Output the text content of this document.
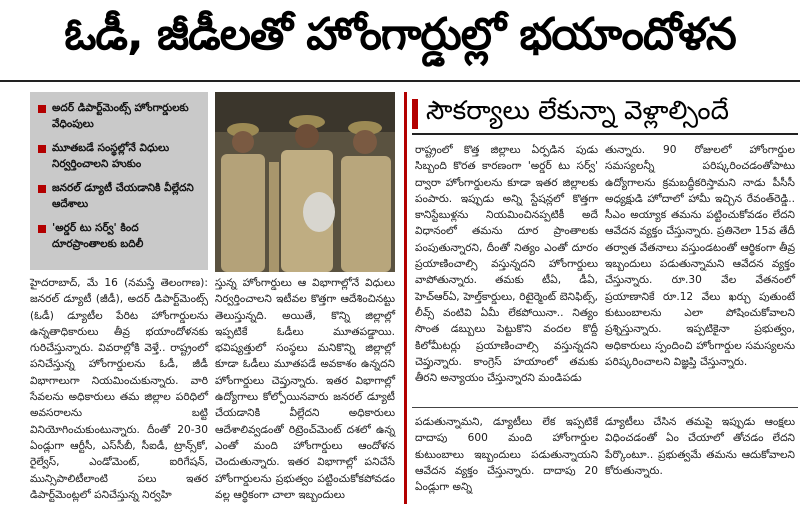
ఓడీ, జీడీలతో హోంగార్డుల్లో భయాందోళన
అదర్ డిపార్ట్‌మెంట్స్ హోంగార్డులకు వేధింపులు
మూతబడే సంస్థల్లోనే విధులు నిర్వర్తించాలని హుకుం
జనరల్ డ్యూటీ చేయడానికి వీల్లేదని ఆదేశాలు
'అర్డర్ టు సర్వ్' కింద దూరప్రాంతాలకు బదిలీ

హైదరాబాద్, మే 16 (నమస్తే తెలంగాణ): జనరల్ డ్యూటీ (జీడీ), అదర్ డిపార్ట్‌మెంట్స్ (ఓడీ) డ్యూటీల పేరిట హోంగార్డులను ఉన్నతాధికారులు తీవ్ర భయాందోళనకు గురిచేస్తున్నారు. వివరాల్లోకి వెళ్తే.. రాష్ట్రంలో పనిచేస్తున్న హోంగార్డులను ఓడీ, జీడీ విభాగాలుగా నియమించుకున్నారు. వారి సేవలను అధికారులు తమ జిల్లాల పరిధిలో అవసరాలను బట్టి వినియోగించుకుంటున్నారు. దీంతో 20-30 ఏండ్లుగా ఆర్టీసీ, ఎస్‌సీబీ, సీఐడీ, ట్రాన్స్‌కో, రైల్వేస్, ఎండోమెంట్, ఐరిగేషన్, మున్సిపాలిటీలాంటి పలు ఇతర డిపార్ట్‌మెంట్లలో పనిచేస్తున్న నిర్వహి

స్తున్న హోంగార్డులు ఆ విభాగాల్లోనే విధులు నిర్వర్తించాలని ఇటీవల కొత్తగా ఆదేశించినట్టు తెలుస్తున్నది. అయితే, కొన్ని జిల్లాల్లో ఇప్పటికే ఓడీలు మూతపడ్డాయి. భవిష్యత్తులో సంస్థలు మనికొన్ని జిల్లాల్లో కూడా ఓడీలు మూతపడే అవకాశం ఉన్నదని హోంగార్డులు చెప్తున్నారు. ఇతర విభాగాల్లో ఉద్యోగాలు కోల్పోయినవారు జనరల్ డ్యూటీ చేయడానికి వీల్లేదని అధికారులు ఆదేశాలివ్వడంతో రిట్రెంచ్‌మెంట్ దశలో ఉన్న ఎంతో మంది హోంగార్డులు ఆందోళన చెందుతున్నారు. ఇతర విభాగాల్లో పనిచేసే హోంగార్డులను ప్రభుత్వం పట్టించుకోకపోవడం వల్ల ఆర్థికంగా చాలా ఇబ్బందులు

సౌకర్యాలు లేకున్నా వెళ్లాల్సిందే

రాష్ట్రంలో కొత్త జిల్లాలు ఏర్పడిన పుడు సిబ్బంది కొరత కారణంగా 'అర్డర్ టు సర్వ్' ద్వారా హోంగార్డులను కూడా ఇతర జిల్లాలకు పంపారు. ఇప్పుడు అన్ని స్టేషన్లలో కొత్తగా కానిస్టేబుళ్లను నియమించినప్పటికీ అదే విధానంలో తమను దూర ప్రాంతాలకు పంపుతున్నారని, దీంతో నిత్యం ఎంతో దూరం ప్రయాణించాల్సి వస్తున్నదని హోంగార్డులు వాపోతున్నారు. తమకు టీఏ, డీఏ, హెచ్‌ఆర్‌ఏ, హెల్త్‌కార్డులు, రిటైర్మెంట్ బెనిఫిట్స్, లీవ్స్ వంటివి ఏమీ లేకపోయినా.. నిత్యం సొంత డబ్బులు పెట్టుకొని వందల కొద్దీ కిలోమీటర్లు ప్రయాణించాల్సి వస్తున్నదని చెప్తున్నారు. కాంగ్రెస్ హయాంలో తమకు తీరని అన్యాయం చేస్తున్నారని మండిపడు

తున్నారు. 90 రోజులలో హోంగార్డుల సమస్యలన్నీ పరిష్కరించడంతోపాటు ఉద్యోగాలను క్రమబద్ధీకరిస్తామని నాడు పీసీసీ అధ్యక్షుడి హోదాలో హామీ ఇచ్చిన రేవంత్‌రెడ్డి.. సీఎం అయ్యాక తమను పట్టించుకోవడం లేదని ఆవేదన వ్యక్తం చేస్తున్నారు. ప్రతినెలా 15వ తేదీ తర్వాత వేతనాలు వస్తుండటంతో ఆర్థికంగా తీవ్ర ఇబ్బందులు పడుతున్నామని ఆవేదన వ్యక్తం చేస్తున్నారు. రూ.30 వేల వేతనంలో ప్రయాణానికే రూ.12 వేలు ఖర్చు పుతుంటే కుటుంబాలను ఎలా పోషించుకోవాలని ప్రశ్నిస్తున్నారు. ఇప్పటికైనా ప్రభుత్వం, అధికారులు స్పందించి హోంగార్డుల సమస్యలను పరిష్కరించాలని విజ్ఞప్తి చేస్తున్నారు.

పడుతున్నామని, డ్యూటీలు లేక ఇప్పటికే దాదాపు 600 మంది హోంగార్డుల కుటుంబాలు ఇబ్బందులు పడుతున్నాయని ఆవేదన వ్యక్తం చేస్తున్నారు. దాదాపు 20 ఏండ్లుగా అన్ని

డ్యూటీలు చేసిన తమపై ఇప్పుడు ఆంక్షలు విధించడంతో ఏం చేయాలో తోచడం లేదని పేర్కొంటూ.. ప్రభుత్వమే తమను ఆదుకోవాలని కోరుతున్నారు.
